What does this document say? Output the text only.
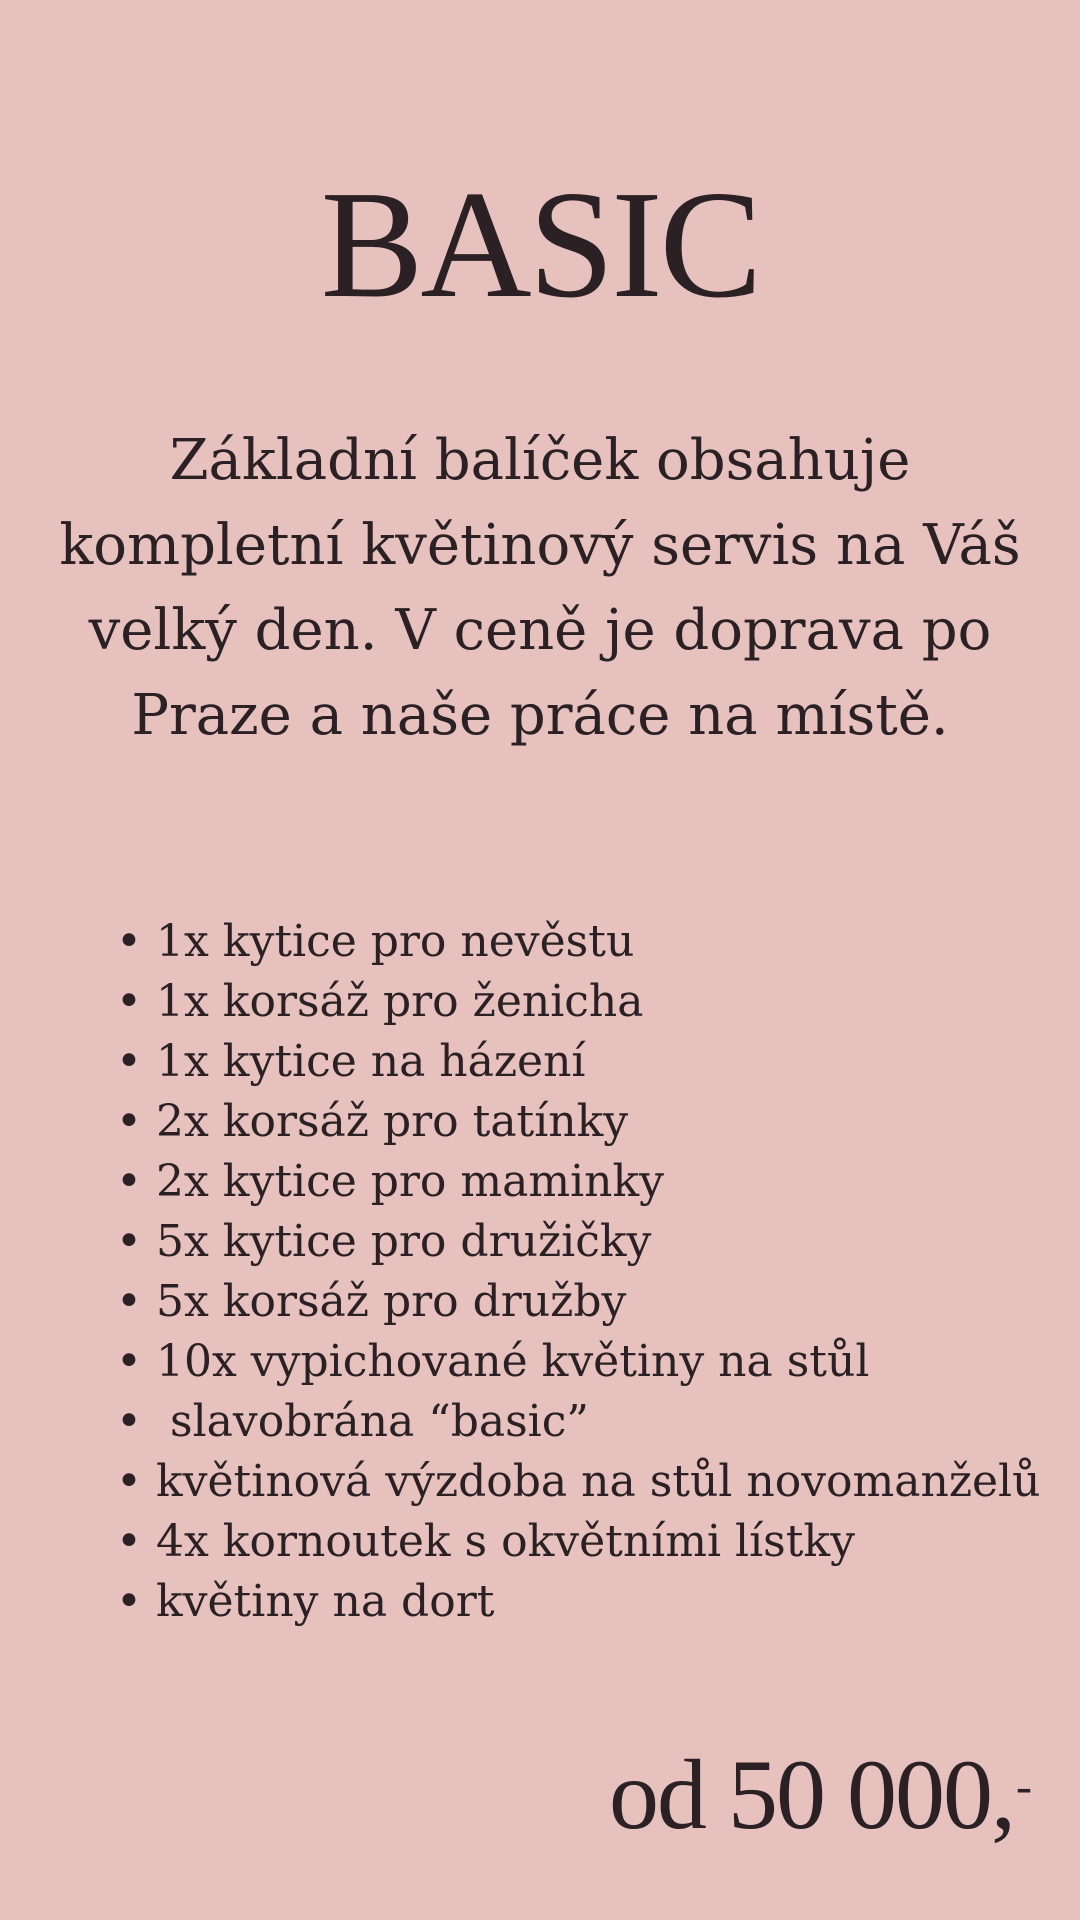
BASIC

Základní balíček obsahuje kompletní květinový servis na Váš velký den. V ceně je doprava po Praze a naše práce na místě.

• 1x kytice pro nevěstu
• 1x korsáž pro ženicha
• 1x kytice na házení
• 2x korsáž pro tatínky
• 2x kytice pro maminky
• 5x kytice pro družičky
• 5x korsáž pro družby
• 10x vypichované květiny na stůl
• slavobrána “basic”
• květinová výzdoba na stůl novomanželů
• 4x kornoutek s okvětními lístky
• květiny na dort
od 50 000,-
